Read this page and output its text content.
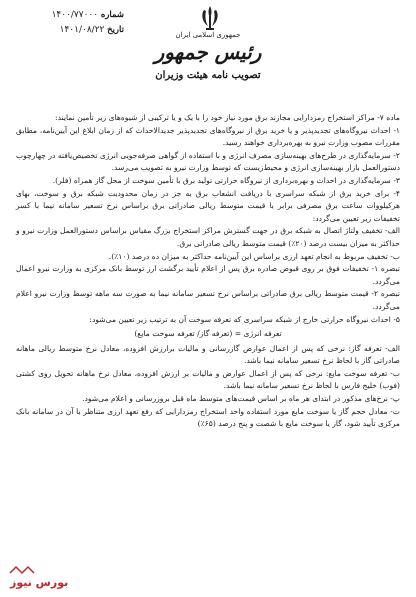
شماره ۱۴۰۰/۷۷۰۰۰
تاریخ ۱۴۰۱/۰۸/۲۲	جمهوری اسلامی ایران
رئیس جمهور
تصویب نامه هیئت وزیران

ماده ۷- مراکز استخراج رمزدارایی مجازند برق مورد نیاز خود را با یک و یا ترکیبی از شیوه‌های زیر تأمین نمایند:

۱- احداث نیروگاه‌های تجدیدپذیر و یا خرید برق از نیروگاه‌های تجدیدپذیر جدیدالاحداث که از زمان ابلاغ این آیین‌نامه، مطابق مقررات مصوب وزارت نیرو به بهره‌برداری خواهند رسید.

۲- سرمایه‌گذاری در طرح‌های بهینه‌سازی مصرف انرژی و با استفاده از گواهی صرفه‌جویی انرژی تخصیص‌یافته در چهارچوب دستورالعمل بازار بهینه‌سازی انرژی و محیط‌زیست که توسط وزارت نیرو به تصویب می‌رسد.

۳- سرمایه‌گذاری در احداث و بهره‌برداری از نیروگاه حرارتی تولید برق با تأمین سوخت از محل گاز همراه (فلر).

۴- برای خرید برق از شبکه سراسری با دریافت انشعاب برق به جز در زمان محدودیت شبکه برق و سوخت، بهای هرکیلووات ساعت برق مصرفی برابر با قیمت متوسط ریالی صادراتی برق براساس نرخ تسعیر سامانه نیما با کسر تخفیفات زیر تعیین می‌گردد:

الف- تخفیف ولتاژ اتصال به شبکه برق در جهت گسترش مراکز استخراج بزرگ مقیاس براساس دستورالعمل وزارت نیرو و حداکثر به میزان بیست درصد (۲۰٪) قیمت متوسط ریالی صادراتی برق.

ب- تخفیف مربوط به انجام تعهد ارزی براساس این آیین‌نامه حداکثر به میزان ده درصد (۱۰٪).

تبصره ۱- تخفیفات فوق بر روی قبوض صادره برق پس از اعلام تأیید برگشت ارز توسط بانک مرکزی به وزارت نیرو اعمال می‌گردد.

تبصره ۲- قیمت متوسط ریالی برق صادراتی براساس نرخ تسعیر سامانه نیما به صورت سه ماهه توسط وزارت نیرو اعلام می‌گردد.

۵- احداث نیروگاه حرارتی خارج از شبکه سراسری که تعرفه سوخت آن به ترتیب زیر تعیین می‌شود:

تعرفه انرژی = (تعرفه گاز/ تعرفه سوخت مایع)

الف- تعرفه گاز: نرخی که پس از اعمال عوارض گازرسانی و مالیات برارزش افزوده، معادل نرخ متوسط ریالی ماهانه صادراتی گاز با لحاظ نرخ تسعیر سامانه نیما باشد.

ب- تعرفه سوخت مایع: نرخی که پس از اعمال عوارض و مالیات بر ارزش افزوده، معادل نرخ ماهانه تحویل روی کشتی (فوب) خلیج فارس با لحاظ نرخ تسعیر سامانه نیما باشد.

پ- نرخ‌های مذکور در ابتدای هر ماه بر اساس قیمت‌های متوسط ماه قبل بروزرسانی و اعلام می‌شود.

ت- معادل حجم گاز یا سوخت مایع مورد استفاده واحد استخراج رمزدارایی که رفع تعهد ارزی متناظر با آن در سامانه بانک مرکزی تأیید شود، گاز یا سوخت مایع با شصت و پنج درصد (۶۵٪)

بورس نیوز
